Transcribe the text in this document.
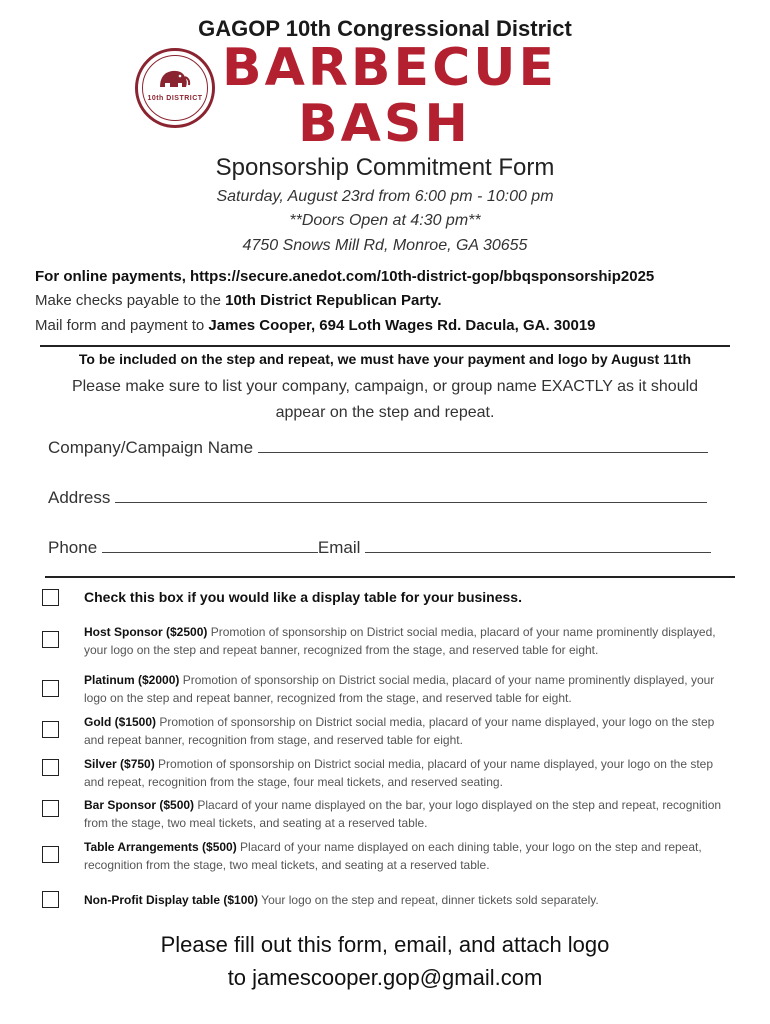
GAGOP 10th Congressional District
10th DISTRICT
BARBECUE
BASH
Sponsorship Commitment Form
Saturday, August 23rd from 6:00 pm - 10:00 pm
**Doors Open at 4:30 pm**
4750 Snows Mill Rd, Monroe, GA 30655
For online payments, https://secure.anedot.com/10th-district-gop/bbqsponsorship2025
Make checks payable to the 10th District Republican Party.
Mail form and payment to James Cooper, 694 Loth Wages Rd. Dacula, GA. 30019
To be included on the step and repeat, we must have your payment and logo by August 11th
Please make sure to list your company, campaign, or group name EXACTLY as it should appear on the step and repeat.
Company/Campaign Name
Address
Phone	Email
Check this box if you would like a display table for your business.
Host Sponsor ($2500) Promotion of sponsorship on District social media, placard of your name prominently displayed, your logo on the step and repeat banner, recognized from the stage, and reserved table for eight.
Platinum ($2000) Promotion of sponsorship on District social media, placard of your name prominently displayed, your logo on the step and repeat banner, recognized from the stage, and reserved table for eight.
Gold ($1500) Promotion of sponsorship on District social media, placard of your name displayed, your logo on the step and repeat banner, recognition from stage, and reserved table for eight.
Silver ($750) Promotion of sponsorship on District social media, placard of your name displayed, your logo on the step and repeat, recognition from the stage, four meal tickets, and reserved seating.
Bar Sponsor ($500) Placard of your name displayed on the bar, your logo displayed on the step and repeat, recognition from the stage, two meal tickets, and seating at a reserved table.
Table Arrangements ($500) Placard of your name displayed on each dining table, your logo on the step and repeat, recognition from the stage, two meal tickets, and seating at a reserved table.
Non-Profit Display table ($100) Your logo on the step and repeat, dinner tickets sold separately.
Please fill out this form, email, and attach logo
to jamescooper.gop@gmail.com
